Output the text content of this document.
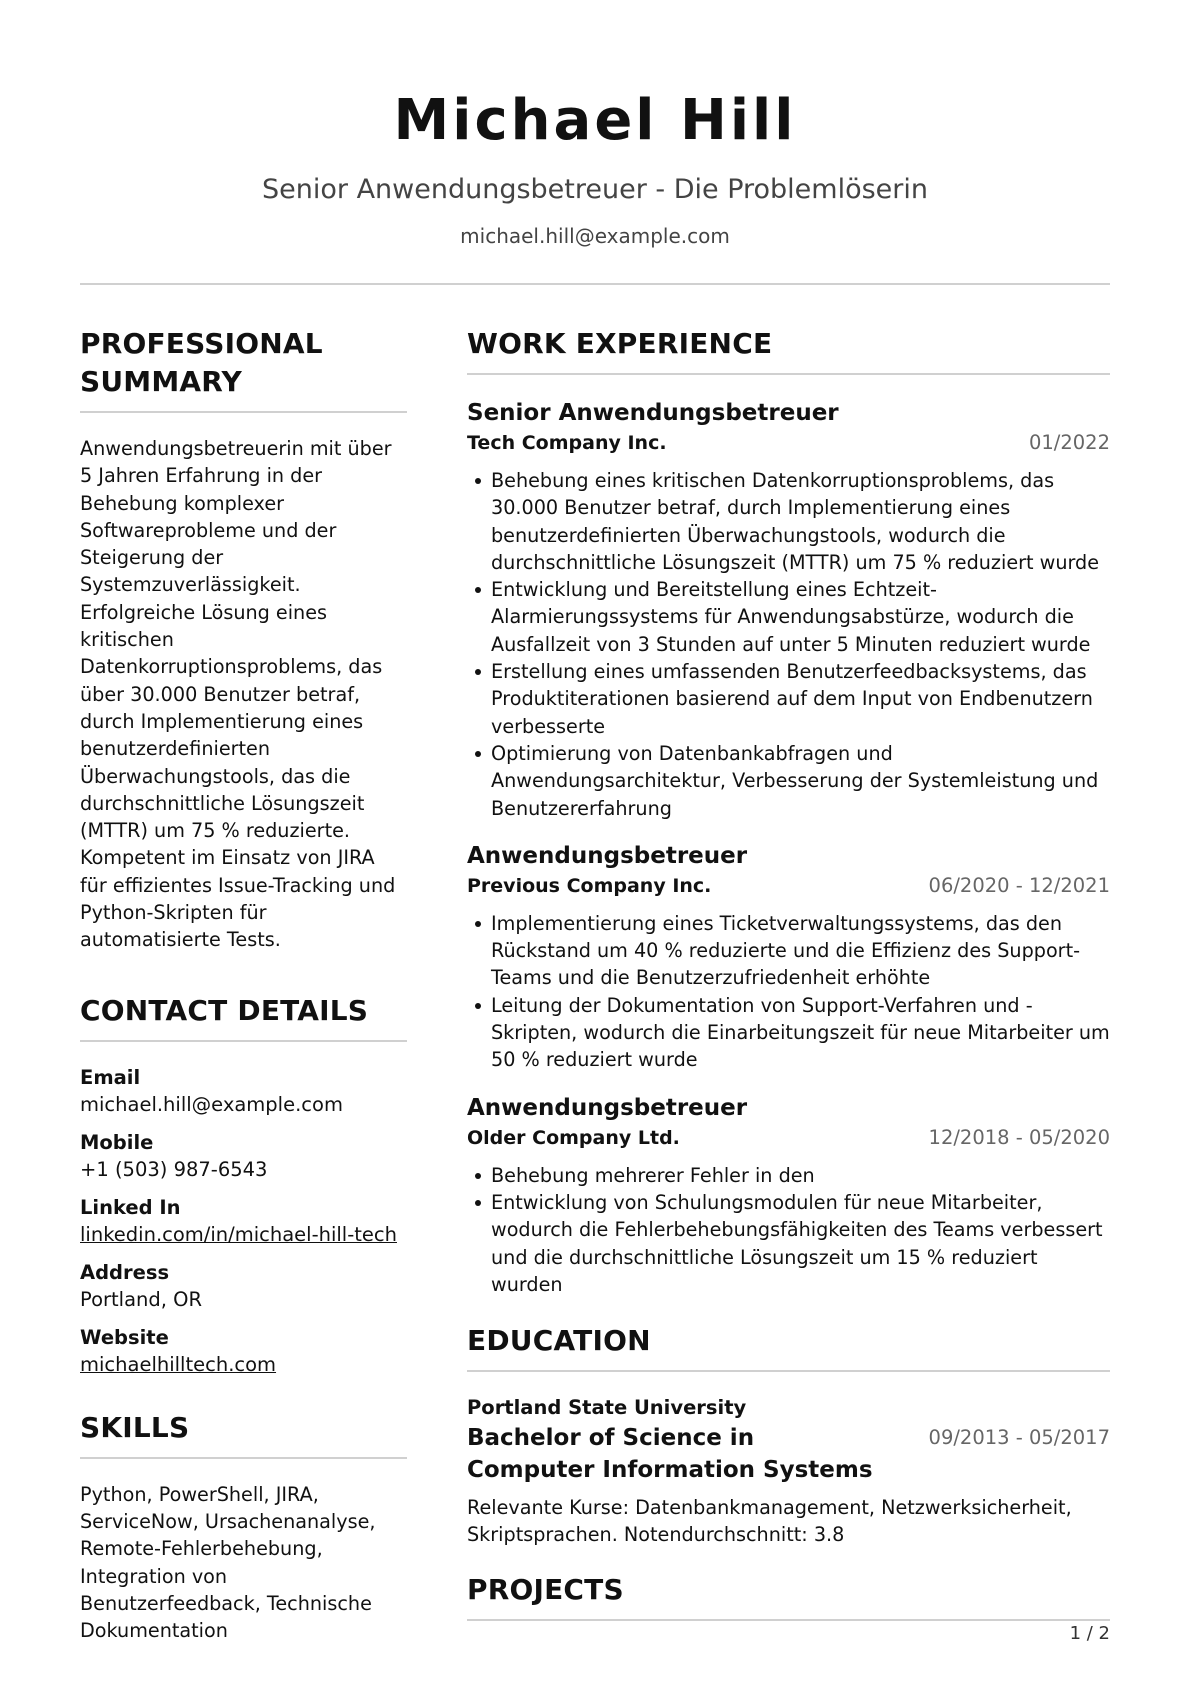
Michael Hill
Senior Anwendungsbetreuer - Die Problemlöserin
michael.hill@example.com
PROFESSIONAL SUMMARY
Anwendungsbetreuerin mit über 5 Jahren Erfahrung in der Behebung komplexer Softwareprobleme und der Steigerung der Systemzuverlässigkeit. Erfolgreiche Lösung eines kritischen Datenkorruptionsproblems, das über 30.000 Benutzer betraf, durch Implementierung eines benutzerdefinierten Überwachungstools, das die durchschnittliche Lösungszeit (MTTR) um 75 % reduzierte. Kompetent im Einsatz von JIRA für effizientes Issue-Tracking und Python-Skripten für automatisierte Tests.
CONTACT DETAILS
Email
michael.hill@example.com
Mobile
+1 (503) 987-6543
Linked In
linkedin.com/in/michael-hill-tech
Address
Portland, OR
Website
michaelhilltech.com
SKILLS
Python, PowerShell, JIRA, ServiceNow, Ursachenanalyse, Remote-Fehlerbehebung, Integration von Benutzerfeedback, Technische Dokumentation
WORK EXPERIENCE
Senior Anwendungsbetreuer
Tech Company Inc.	01/2022
Behebung eines kritischen Datenkorruptionsproblems, das 30.000 Benutzer betraf, durch Implementierung eines benutzerdefinierten Überwachungstools, wodurch die durchschnittliche Lösungszeit (MTTR) um 75 % reduziert wurde
Entwicklung und Bereitstellung eines Echtzeit-Alarmierungssystems für Anwendungsabstürze, wodurch die Ausfallzeit von 3 Stunden auf unter 5 Minuten reduziert wurde
Erstellung eines umfassenden Benutzerfeedbacksystems, das Produktiterationen basierend auf dem Input von Endbenutzern verbesserte
Optimierung von Datenbankabfragen und Anwendungsarchitektur, Verbesserung der Systemleistung und Benutzererfahrung
Anwendungsbetreuer
Previous Company Inc.	06/2020 - 12/2021
Implementierung eines Ticketverwaltungssystems, das den Rückstand um 40 % reduzierte und die Effizienz des Support-Teams und die Benutzerzufriedenheit erhöhte
Leitung der Dokumentation von Support-Verfahren und -Skripten, wodurch die Einarbeitungszeit für neue Mitarbeiter um 50 % reduziert wurde
Anwendungsbetreuer
Older Company Ltd.	12/2018 - 05/2020
Behebung mehrerer Fehler in den
Entwicklung von Schulungsmodulen für neue Mitarbeiter, wodurch die Fehlerbehebungsfähigkeiten des Teams verbessert und die durchschnittliche Lösungszeit um 15 % reduziert wurden
EDUCATION
Portland State University
Bachelor of Science in Computer Information Systems
09/2013 - 05/2017
Relevante Kurse: Datenbankmanagement, Netzwerksicherheit, Skriptsprachen. Notendurchschnitt: 3.8
PROJECTS
1 / 2
